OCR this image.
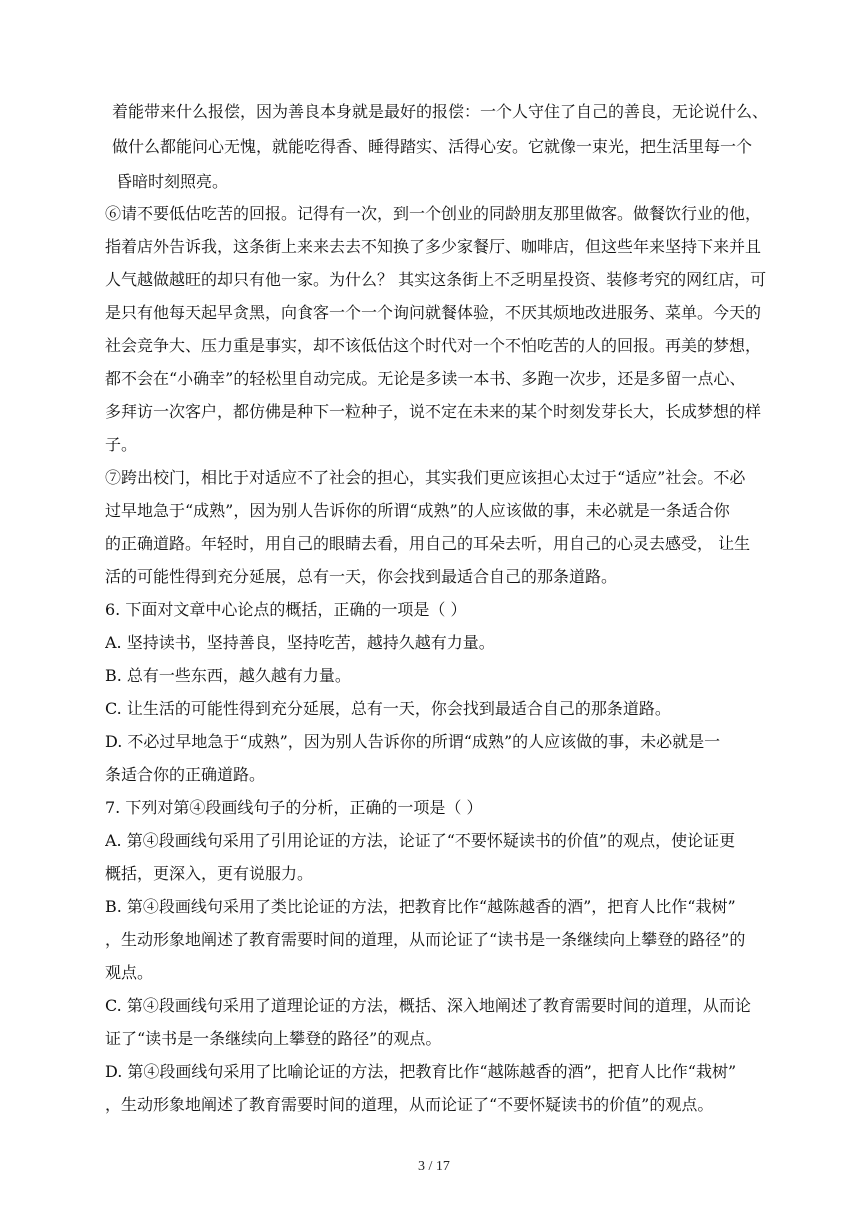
着能带来什么报偿，因为善良本身就是最好的报偿：一个人守住了自己的善良，无论说什么、
做什么都能问心无愧，就能吃得香、睡得踏实、活得心安。它就像一束光，把生活里每一个
昏暗时刻照亮。
⑥请不要低估吃苦的回报。记得有一次，到一个创业的同龄朋友那里做客。做餐饮行业的他，
指着店外告诉我，这条街上来来去去不知换了多少家餐厅、咖啡店，但这些年来坚持下来并且
人气越做越旺的却只有他一家。为什么？ 其实这条街上不乏明星投资、装修考究的网红店，可
是只有他每天起早贪黑，向食客一个一个询问就餐体验，不厌其烦地改进服务、菜单。今天的
社会竞争大、压力重是事实，却不该低估这个时代对一个不怕吃苦的人的回报。再美的梦想，
都不会在“小确幸”的轻松里自动完成。无论是多读一本书、多跑一次步，还是多留一点心、
多拜访一次客户，都仿佛是种下一粒种子，说不定在未来的某个时刻发芽长大，长成梦想的样
子。
⑦跨出校门，相比于对适应不了社会的担心，其实我们更应该担心太过于“适应”社会。不必
过早地急于“成熟”，因为别人告诉你的所谓“成熟”的人应该做的事，未必就是一条适合你
的正确道路。年轻时，用自己的眼睛去看，用自己的耳朵去听，用自己的心灵去感受， 让生
活的可能性得到充分延展，总有一天，你会找到最适合自己的那条道路。
6. 下面对文章中心论点的概括，正确的一项是（ ）
A. 坚持读书，坚持善良，坚持吃苦，越持久越有力量。
B. 总有一些东西，越久越有力量。
C. 让生活的可能性得到充分延展，总有一天，你会找到最适合自己的那条道路。
D. 不必过早地急于“成熟”，因为别人告诉你的所谓“成熟”的人应该做的事，未必就是一
条适合你的正确道路。
7. 下列对第④段画线句子的分析，正确的一项是（ ）
A. 第④段画线句采用了引用论证的方法，论证了“不要怀疑读书的价值”的观点，使论证更
概括，更深入，更有说服力。
B. 第④段画线句采用了类比论证的方法，把教育比作“越陈越香的酒”，把育人比作“栽树”
，生动形象地阐述了教育需要时间的道理，从而论证了“读书是一条继续向上攀登的路径”的
观点。
C. 第④段画线句采用了道理论证的方法，概括、深入地阐述了教育需要时间的道理，从而论
证了“读书是一条继续向上攀登的路径”的观点。
D. 第④段画线句采用了比喻论证的方法，把教育比作“越陈越香的酒”，把育人比作“栽树”
，生动形象地阐述了教育需要时间的道理，从而论证了“不要怀疑读书的价值”的观点。
3 / 17
